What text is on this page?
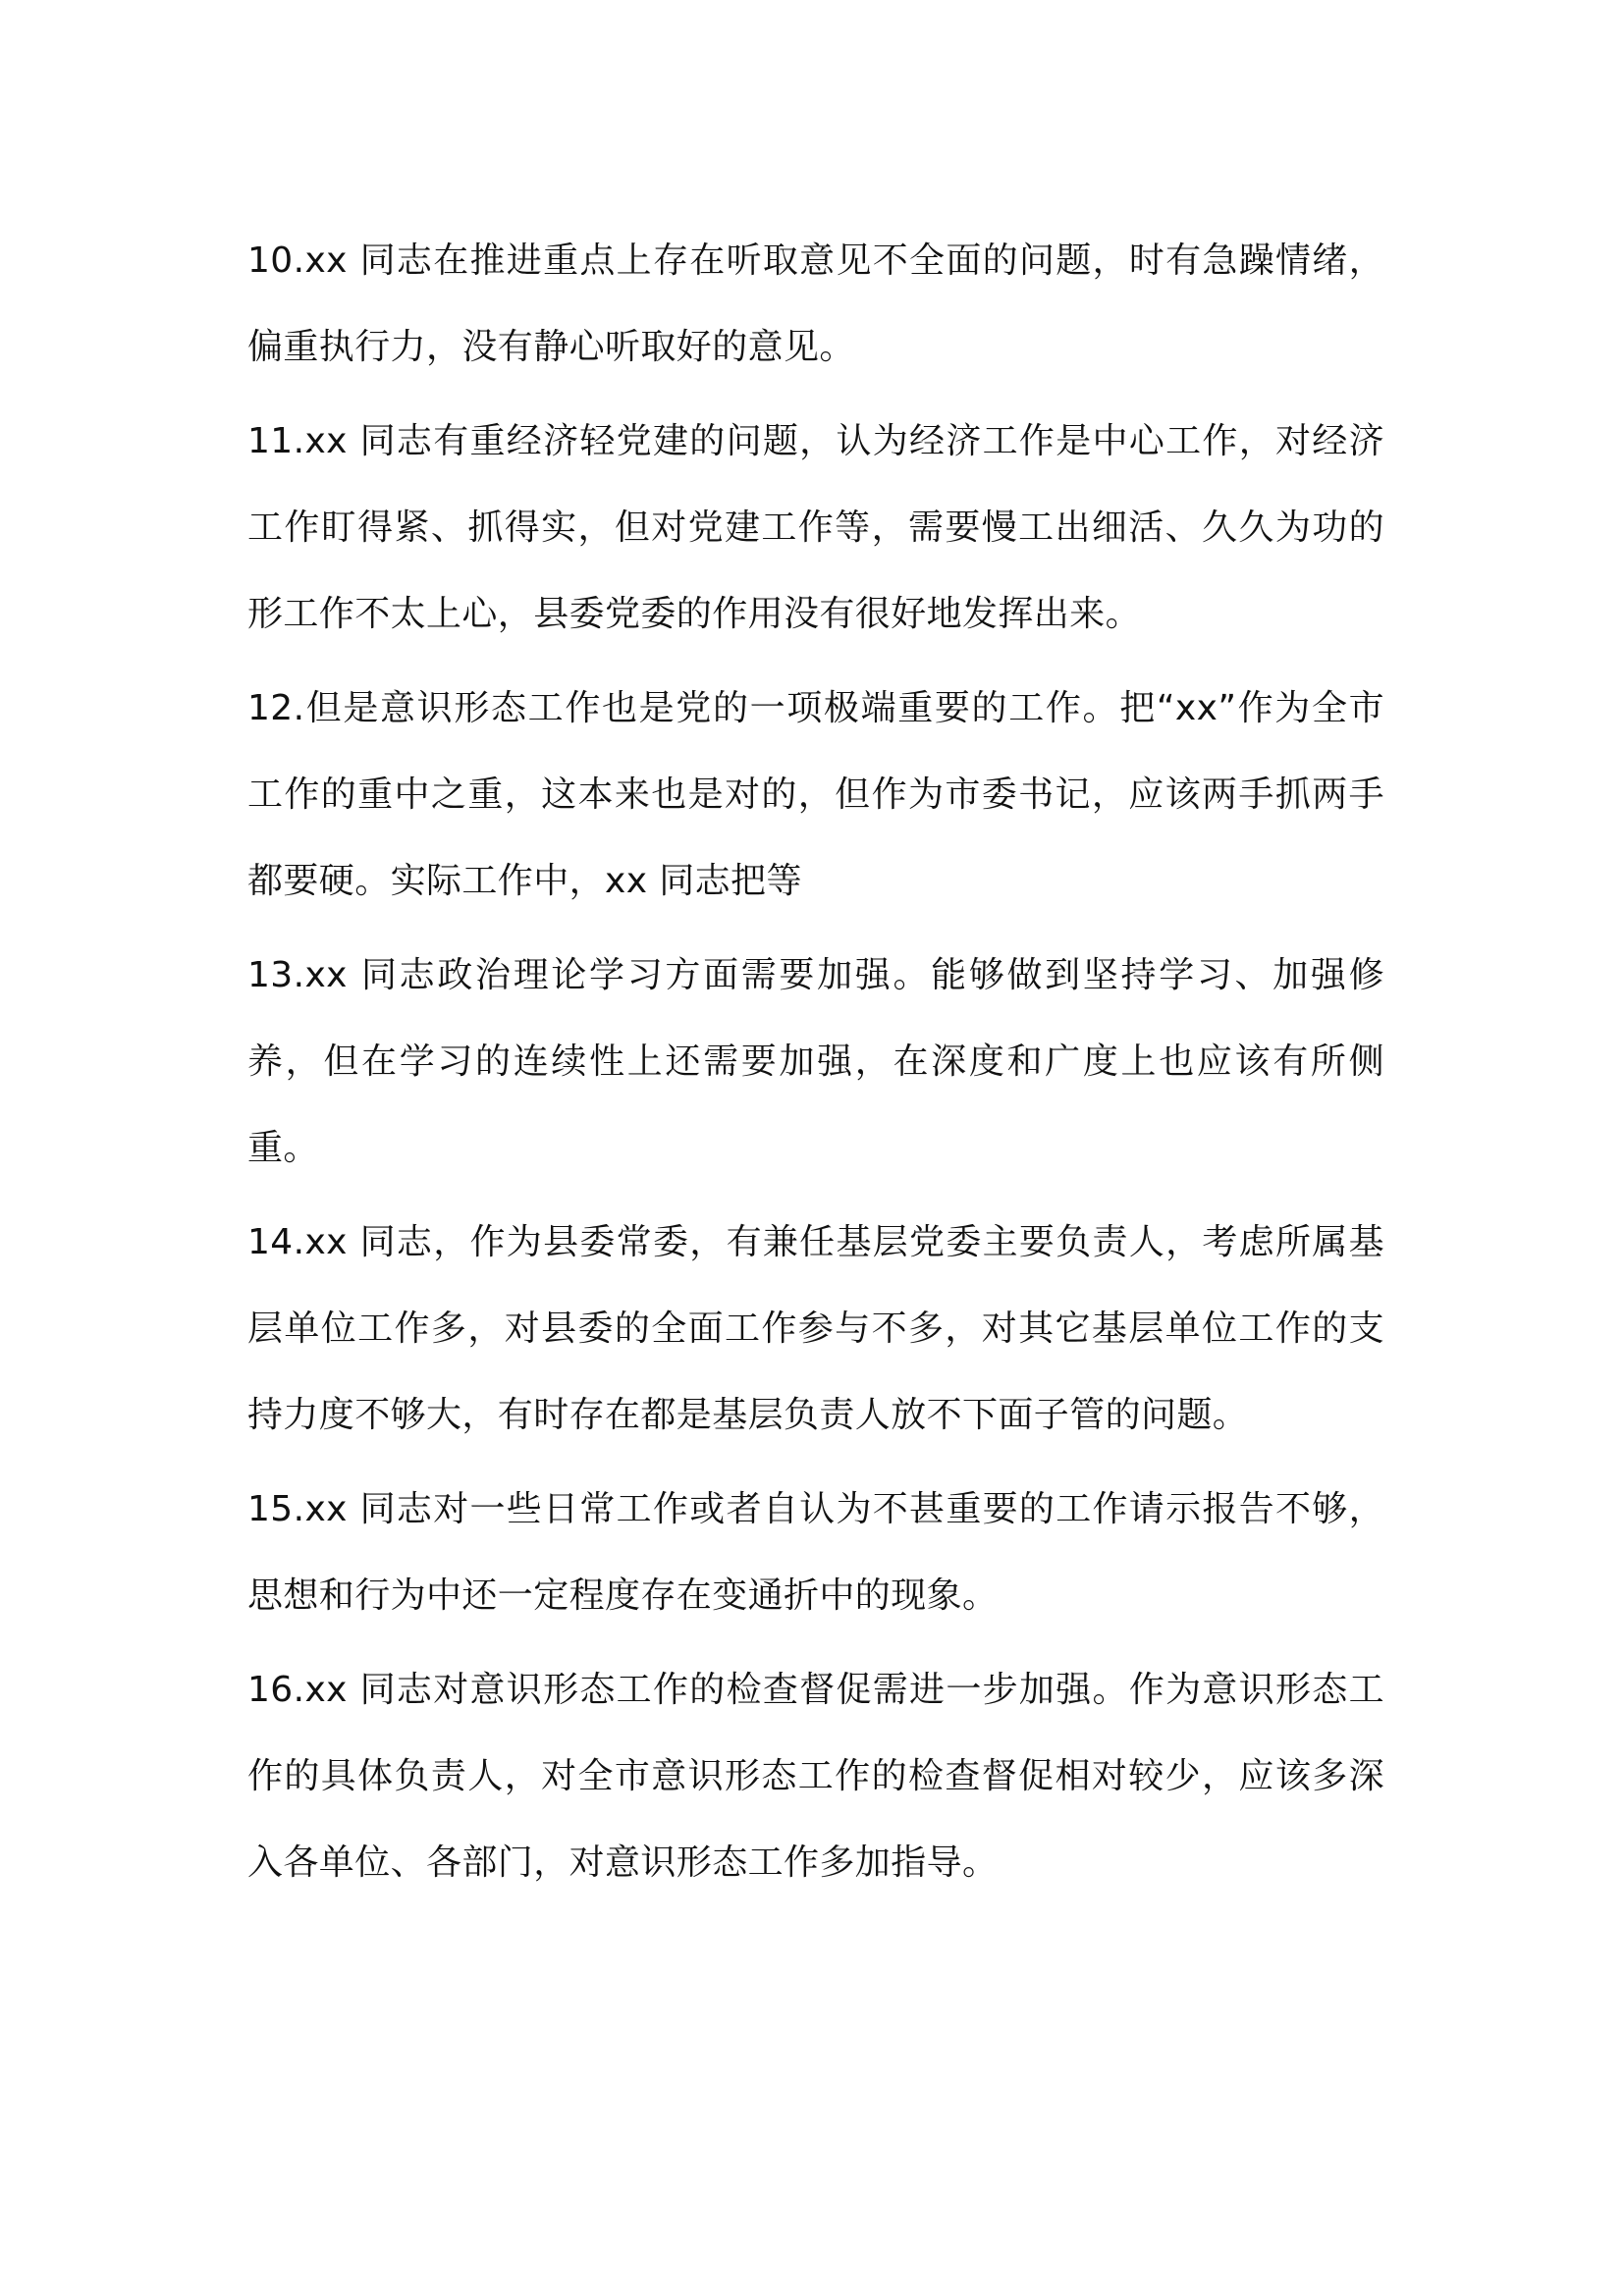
10.xx 同志在推进重点上存在听取意见不全面的问题，时有急躁情绪，偏重执行力，没有静心听取好的意见。

11.xx 同志有重经济轻党建的问题，认为经济工作是中心工作，对经济工作盯得紧、抓得实，但对党建工作等，需要慢工出细活、久久为功的形工作不太上心，县委党委的作用没有很好地发挥出来。

12.但是意识形态工作也是党的一项极端重要的工作。把“xx”作为全市工作的重中之重，这本来也是对的，但作为市委书记，应该两手抓两手都要硬。实际工作中，xx 同志把等

13.xx 同志政治理论学习方面需要加强。能够做到坚持学习、加强修养，但在学习的连续性上还需要加强，在深度和广度上也应该有所侧重。

14.xx 同志，作为县委常委，有兼任基层党委主要负责人，考虑所属基层单位工作多，对县委的全面工作参与不多，对其它基层单位工作的支持力度不够大，有时存在都是基层负责人放不下面子管的问题。

15.xx 同志对一些日常工作或者自认为不甚重要的工作请示报告不够，思想和行为中还一定程度存在变通折中的现象。

16.xx 同志对意识形态工作的检查督促需进一步加强。作为意识形态工作的具体负责人，对全市意识形态工作的检查督促相对较少，应该多深入各单位、各部门，对意识形态工作多加指导。
